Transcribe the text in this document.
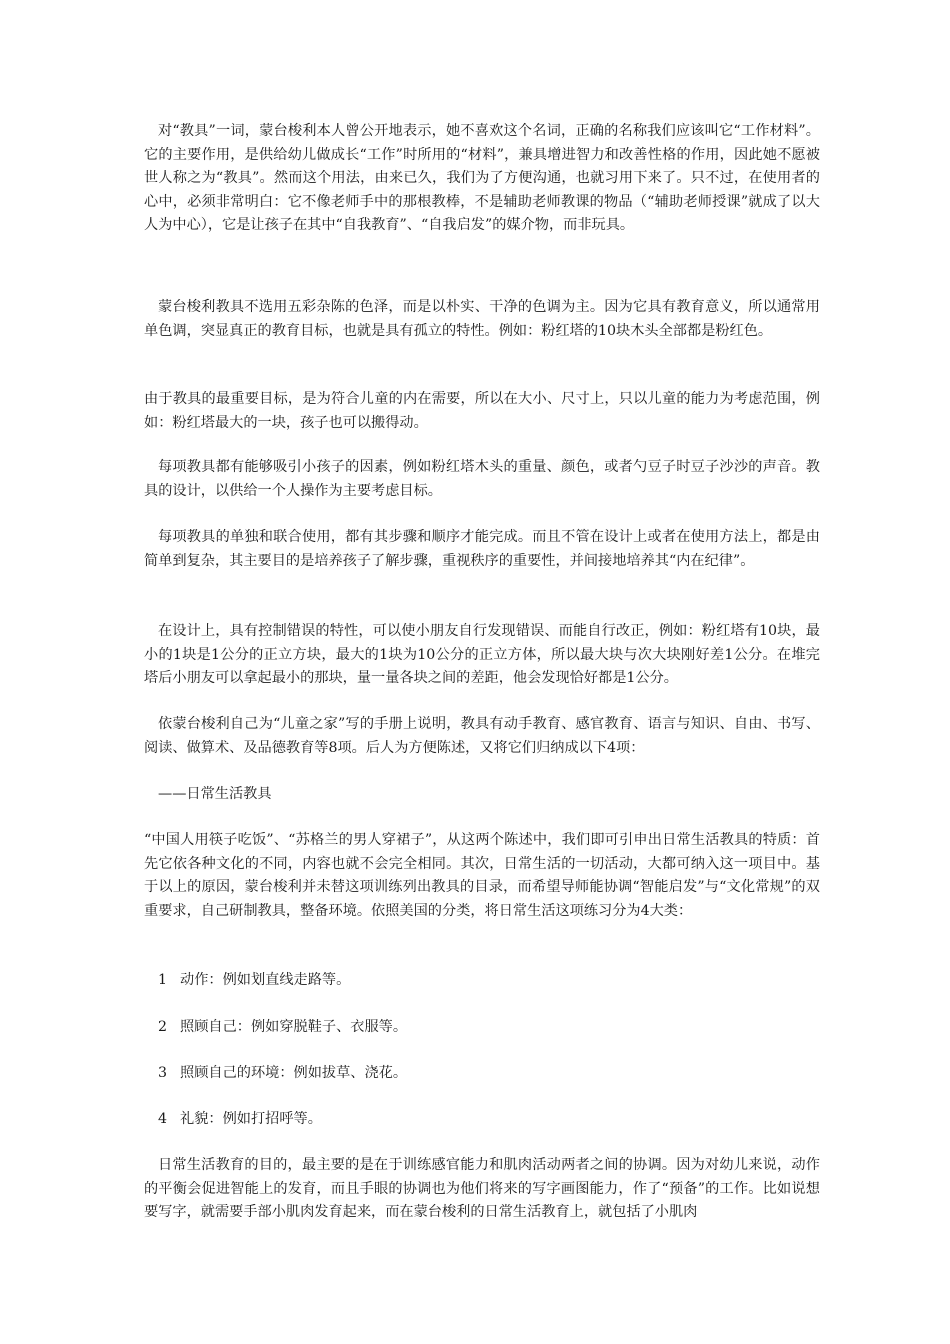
对“教具”一词，蒙台梭利本人曾公开地表示，她不喜欢这个名词，正确的名称我们应该叫它“工作材料”。它的主要作用，是供给幼儿做成长“工作”时所用的“材料”，兼具增进智力和改善性格的作用，因此她不愿被世人称之为“教具”。然而这个用法，由来已久，我们为了方便沟通，也就习用下来了。只不过，在使用者的心中，必须非常明白：它不像老师手中的那根教棒，不是辅助老师教课的物品（“辅助老师授课”就成了以大人为中心），它是让孩子在其中“自我教育”、“自我启发”的媒介物，而非玩具。

蒙台梭利教具不选用五彩杂陈的色泽，而是以朴实、干净的色调为主。因为它具有教育意义，所以通常用单色调，突显真正的教育目标，也就是具有孤立的特性。例如：粉红塔的10块木头全部都是粉红色。

由于教具的最重要目标，是为符合儿童的内在需要，所以在大小、尺寸上，只以儿童的能力为考虑范围，例如：粉红塔最大的一块，孩子也可以搬得动。

每项教具都有能够吸引小孩子的因素，例如粉红塔木头的重量、颜色，或者勺豆子时豆子沙沙的声音。教具的设计，以供给一个人操作为主要考虑目标。

每项教具的单独和联合使用，都有其步骤和顺序才能完成。而且不管在设计上或者在使用方法上，都是由简单到复杂，其主要目的是培养孩子了解步骤，重视秩序的重要性，并间接地培养其“内在纪律”。

在设计上，具有控制错误的特性，可以使小朋友自行发现错误、而能自行改正，例如：粉红塔有10块，最小的1块是1公分的正立方块，最大的1块为10公分的正立方体，所以最大块与次大块刚好差1公分。在堆完塔后小朋友可以拿起最小的那块，量一量各块之间的差距，他会发现恰好都是1公分。

依蒙台梭利自己为“儿童之家”写的手册上说明，教具有动手教育、感官教育、语言与知识、自由、书写、阅读、做算术、及品德教育等8项。后人为方便陈述，又将它们归纳成以下4项：

——日常生活教具

“中国人用筷子吃饭”、“苏格兰的男人穿裙子”，从这两个陈述中，我们即可引申出日常生活教具的特质：首先它依各种文化的不同，内容也就不会完全相同。其次，日常生活的一切活动，大都可纳入这一项目中。基于以上的原因，蒙台梭利并未替这项训练列出教具的目录，而希望导师能协调“智能启发”与“文化常规”的双重要求，自己研制教具，整备环境。依照美国的分类，将日常生活这项练习分为4大类：

1 动作：例如划直线走路等。

2 照顾自己：例如穿脱鞋子、衣服等。

3 照顾自己的环境：例如拔草、浇花。

4 礼貌：例如打招呼等。

日常生活教育的目的，最主要的是在于训练感官能力和肌肉活动两者之间的协调。因为对幼儿来说，动作的平衡会促进智能上的发育，而且手眼的协调也为他们将来的写字画图能力，作了“预备”的工作。比如说想要写字，就需要手部小肌肉发育起来，而在蒙台梭利的日常生活教育上，就包括了小肌肉
